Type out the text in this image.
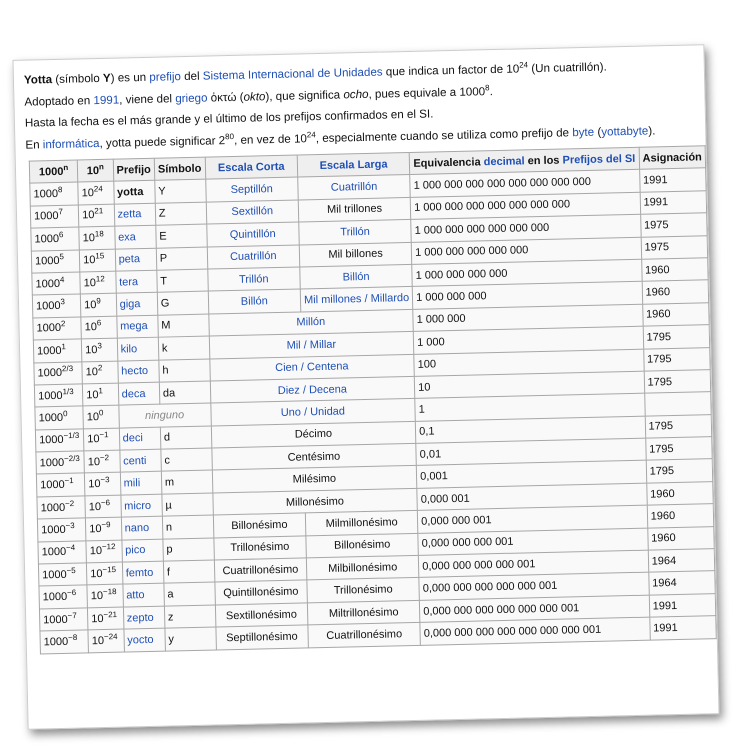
Yotta (símbolo Y) es un prefijo del Sistema Internacional de Unidades que indica un factor de $10^{24}$ (Un cuatrillón).

Adoptado en 1991, viene del griego ὀκτώ (okto), que significa ocho, pues equivale a 1000$^8$.

Hasta la fecha es el más grande y el último de los prefijos confirmados en el SI.

En informática, yotta puede significar $2^{80}$, en vez de $10^{24}$, especialmente cuando se utiliza como prefijo de byte (yottabyte).

1000$^n$	10$^n$	Prefijo	Símbolo	Escala Corta	Escala Larga	Equivalencia decimal en los Prefijos del SI	Asignación
1000$^8$	$10^{24}$	yotta	Y	Septillón	Cuatrillón	1 000 000 000 000 000 000 000 000	1991
1000$^7$	$10^{21}$	zetta	Z	Sextillón	Mil trillones	1 000 000 000 000 000 000 000	1991
1000$^6$	$10^{18}$	exa	E	Quintillón	Trillón	1 000 000 000 000 000 000	1975
1000$^5$	$10^{15}$	peta	P	Cuatrillón	Mil billones	1 000 000 000 000 000	1975
1000$^4$	$10^{12}$	tera	T	Trillón	Billón	1 000 000 000 000	1960
1000$^3$	$10^9$	giga	G	Billón	Mil millones / Millardo	1 000 000 000	1960
1000$^2$	$10^6$	mega	M	Millón		1 000 000	1960
1000$^1$	$10^3$	kilo	k	Mil / Millar		1 000	1795
$1000^{2/3}$	$10^2$	hecto	h	Cien / Centena		100	1795
$1000^{1/3}$	$10^1$	deca	da	Diez / Decena		10	1795
1000$^0$	$10^0$	ninguno		Uno / Unidad		1	
$1000^{-1/3}$	$10^{-1}$	deci	d	Décimo		0,1	1795
$1000^{-2/3}$	$10^{-2}$	centi	c	Centésimo		0,01	1795
$1000^{-1}$	$10^{-3}$	mili	m	Milésimo		0,001	1795
$1000^{-2}$	$10^{-6}$	micro	µ	Millonésimo		0,000 001	1960
$1000^{-3}$	$10^{-9}$	nano	n	Billonésimo	Milmillonésimo	0,000 000 001	1960
$1000^{-4}$	$10^{-12}$	pico	p	Trillonésimo	Billonésimo	0,000 000 000 001	1960
$1000^{-5}$	$10^{-15}$	femto	f	Cuatrillonésimo	Milbillonésimo	0,000 000 000 000 001	1964
$1000^{-6}$	$10^{-18}$	atto	a	Quintillonésimo	Trillonésimo	0,000 000 000 000 000 001	1964
$1000^{-7}$	$10^{-21}$	zepto	z	Sextillonésimo	Miltrillonésimo	0,000 000 000 000 000 000 001	1991
$1000^{-8}$	$10^{-24}$	yocto	y	Septillonésimo	Cuatrillonésimo	0,000 000 000 000 000 000 000 001	1991
